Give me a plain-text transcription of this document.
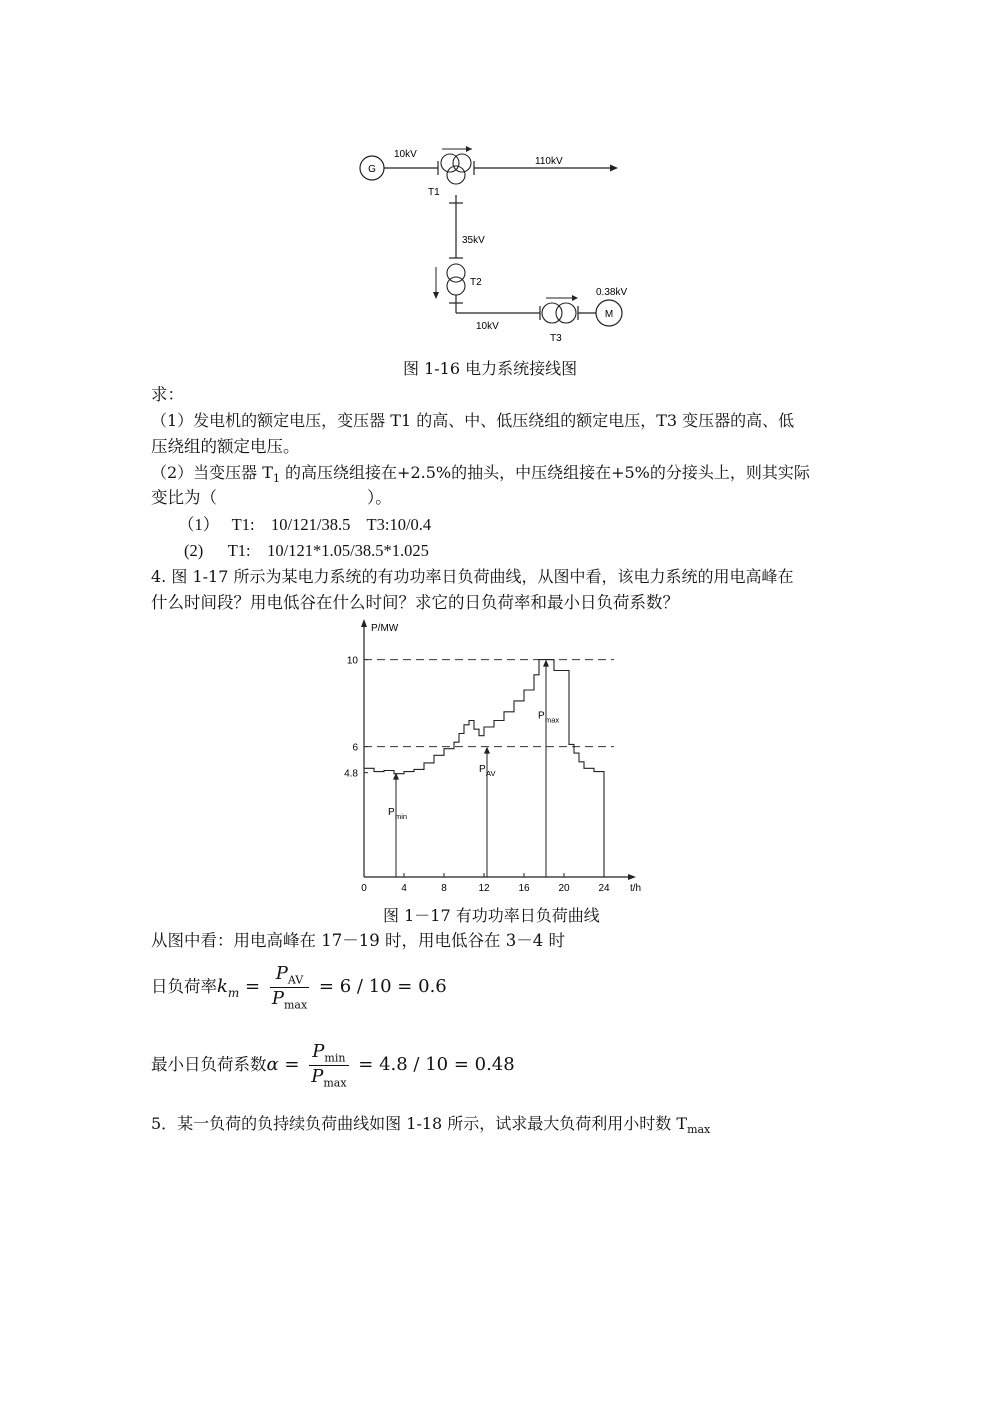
G
10kV
T1
110kV
35kV
T2
10kV
T3
0.38kV
M
图 1-16 电力系统接线图
求：
（1）发电机的额定电压，变压器 T1 的高、中、低压绕组的额定电压，T3 变压器的高、低
压绕组的额定电压。
（2）当变压器 $T_1$ 的高压绕组接在+2.5%的抽头，中压绕组接在+5%的分接头上，则其实际
变比为（	）。
（1）   T1:    10/121/38.5    T3:10/0.4
(2)      T1:    10/121*1.05/38.5*1.025
4. 图 1-17 所示为某电力系统的有功功率日负荷曲线，从图中看，该电力系统的用电高峰在
什么时间段？用电低谷在什么时间？求它的日负荷率和最小日负荷系数？
P/MW
t/h
0	4	8	12	16	20	24
10
6
4.8
P min
P AV
P max
图 1－17 有功功率日负荷曲线
从图中看：用电高峰在 17－19 时，用电低谷在 3－4 时
日负荷率$k_m = \frac{P_{AV}}{P_{max}} = 6 / 10 = 0.6$
最小日负荷系数$\alpha = \frac{P_{min}}{P_{max}} = 4.8 / 10 = 0.48$
5．某一负荷的负持续负荷曲线如图 1-18 所示，试求最大负荷利用小时数 $T_{max}$
